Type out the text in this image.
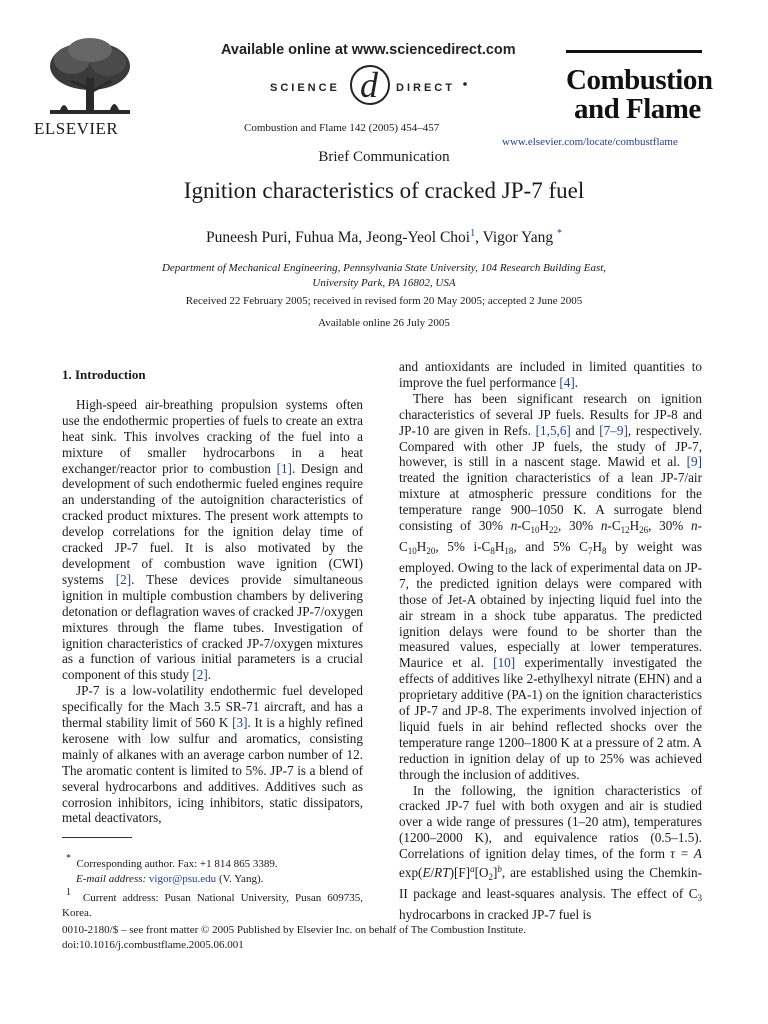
ELSEVIER
Available online at www.sciencedirect.com
SCIENCE d DIRECT
Combustion and Flame 142 (2005) 454–457
Combustion
and Flame
www.elsevier.com/locate/combustflame
Brief Communication
Ignition characteristics of cracked JP-7 fuel
Puneesh Puri, Fuhua Ma, Jeong-Yeol Choi$^1$, Vigor Yang *
Department of Mechanical Engineering, Pennsylvania State University, 104 Research Building East,
University Park, PA 16802, USA
Received 22 February 2005; received in revised form 20 May 2005; accepted 2 June 2005
Available online 26 July 2005
1. Introduction

High-speed air-breathing propulsion systems often use the endothermic properties of fuels to create an extra heat sink. This involves cracking of the fuel into a mixture of smaller hydrocarbons in a heat exchanger/reactor prior to combustion [1]. Design and development of such endothermic fueled engines require an understanding of the autoignition characteristics of cracked product mixtures. The present work attempts to develop correlations for the ignition delay time of cracked JP-7 fuel. It is also motivated by the development of combustion wave ignition (CWI) systems [2]. These devices provide simultaneous ignition in multiple combustion chambers by delivering detonation or deflagration waves of cracked JP-7/oxygen mixtures through the flame tubes. Investigation of ignition characteristics of cracked JP-7/oxygen mixtures as a function of various initial parameters is a crucial component of this study [2].

JP-7 is a low-volatility endothermic fuel developed specifically for the Mach 3.5 SR-71 aircraft, and has a thermal stability limit of 560 K [3]. It is a highly refined kerosene with low sulfur and aromatics, consisting mainly of alkanes with an average carbon number of 12. The aromatic content is limited to 5%. JP-7 is a blend of several hydrocarbons and additives. Additives such as corrosion inhibitors, icing inhibitors, static dissipators, metal deactivators,

and antioxidants are included in limited quantities to improve the fuel performance [4].

There has been significant research on ignition characteristics of several JP fuels. Results for JP-8 and JP-10 are given in Refs. [1,5,6] and [7–9], respectively. Compared with other JP fuels, the study of JP-7, however, is still in a nascent stage. Mawid et al. [9] treated the ignition characteristics of a lean JP-7/air mixture at atmospheric pressure conditions for the temperature range 900–1050 K. A surrogate blend consisting of 30% $n-C_{10}H_{22}$, 30% $n-C_{12}H_{26}$, 30% $n-C_{10}H_{20}$, 5% $i-C_8H_{18}$, and 5% $C_7H_8$ by weight was employed. Owing to the lack of experimental data on JP-7, the predicted ignition delays were compared with those of Jet-A obtained by injecting liquid fuel into the air stream in a shock tube apparatus. The predicted ignition delays were found to be shorter than the measured values, especially at lower temperatures. Maurice et al. [10] experimentally investigated the effects of additives like 2-ethylhexyl nitrate (EHN) and a proprietary additive (PA-1) on the ignition characteristics of JP-7 and JP-8. The experiments involved injection of liquid fuels in air behind reflected shocks over the temperature range 1200–1800 K at a pressure of 2 atm. A reduction in ignition delay of up to 25% was achieved through the inclusion of additives.

In the following, the ignition characteristics of cracked JP-7 fuel with both oxygen and air is studied over a wide range of pressures (1–20 atm), temperatures (1200–2000 K), and equivalence ratios (0.5–1.5). Correlations of ignition delay times, of the form τ = A $\exp(E/RT)[F]^a[O_2]^b$, are established using the Chemkin-II package and least-squares analysis. The effect of $C_3$ hydrocarbons in cracked JP-7 fuel is

* Corresponding author. Fax: +1 814 865 3389.

E-mail address: vigor@psu.edu (V. Yang).

1 Current address: Pusan National University, Pusan 609735, Korea.

0010-2180/$ – see front matter © 2005 Published by Elsevier Inc. on behalf of The Combustion Institute.
doi:10.1016/j.combustflame.2005.06.001
